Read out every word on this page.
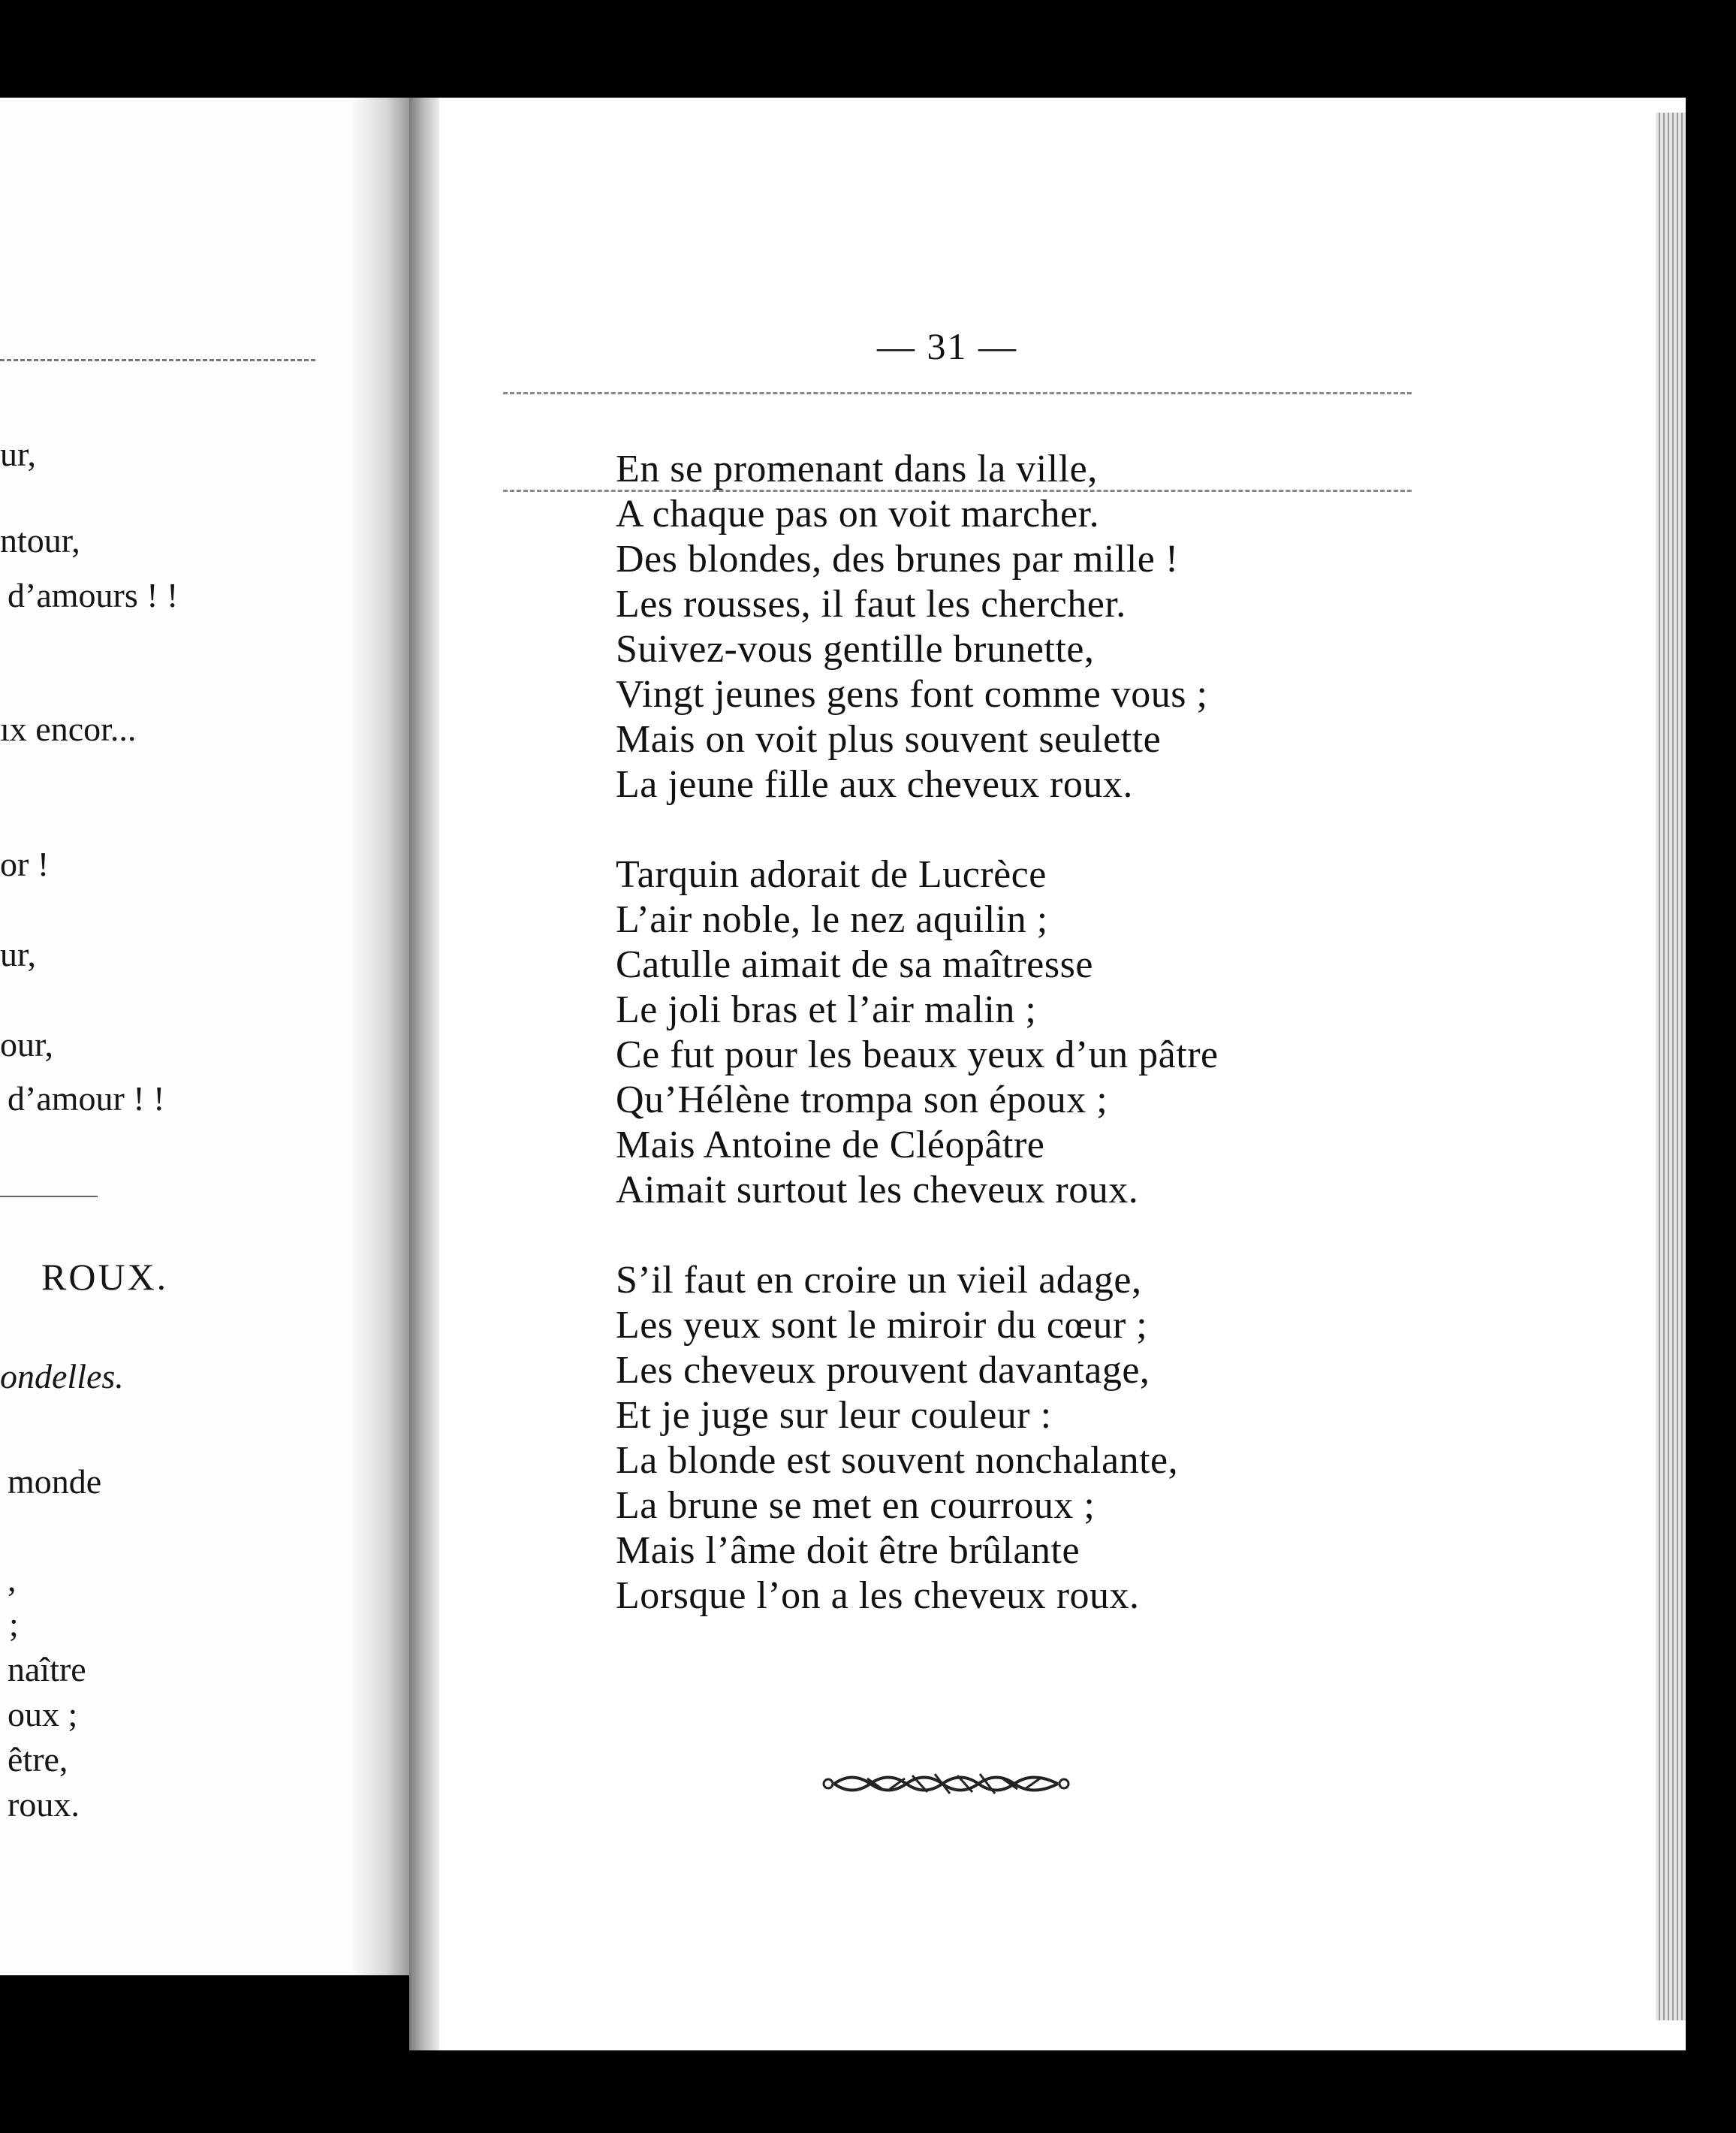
ur,
ntour,
d’amours ! !
ıx encor...
or !
ur,
our,
d’amour ! !
ROUX.
ondelles.
monde
,
;
naître
oux ;
être,
roux.
— 31 —
En se promenant dans la ville,
A chaque pas on voit marcher.
Des blondes, des brunes par mille !
Les rousses, il faut les chercher.
Suivez-vous gentille brunette,
Vingt jeunes gens font comme vous ;
Mais on voit plus souvent seulette
La jeune fille aux cheveux roux.
Tarquin adorait de Lucrèce
L’air noble, le nez aquilin ;
Catulle aimait de sa maîtresse
Le joli bras et l’air malin ;
Ce fut pour les beaux yeux d’un pâtre
Qu’Hélène trompa son époux ;
Mais Antoine de Cléopâtre
Aimait surtout les cheveux roux.
S’il faut en croire un vieil adage,
Les yeux sont le miroir du cœur ;
Les cheveux prouvent davantage,
Et je juge sur leur couleur :
La blonde est souvent nonchalante,
La brune se met en courroux ;
Mais l’âme doit être brûlante
Lorsque l’on a les cheveux roux.
